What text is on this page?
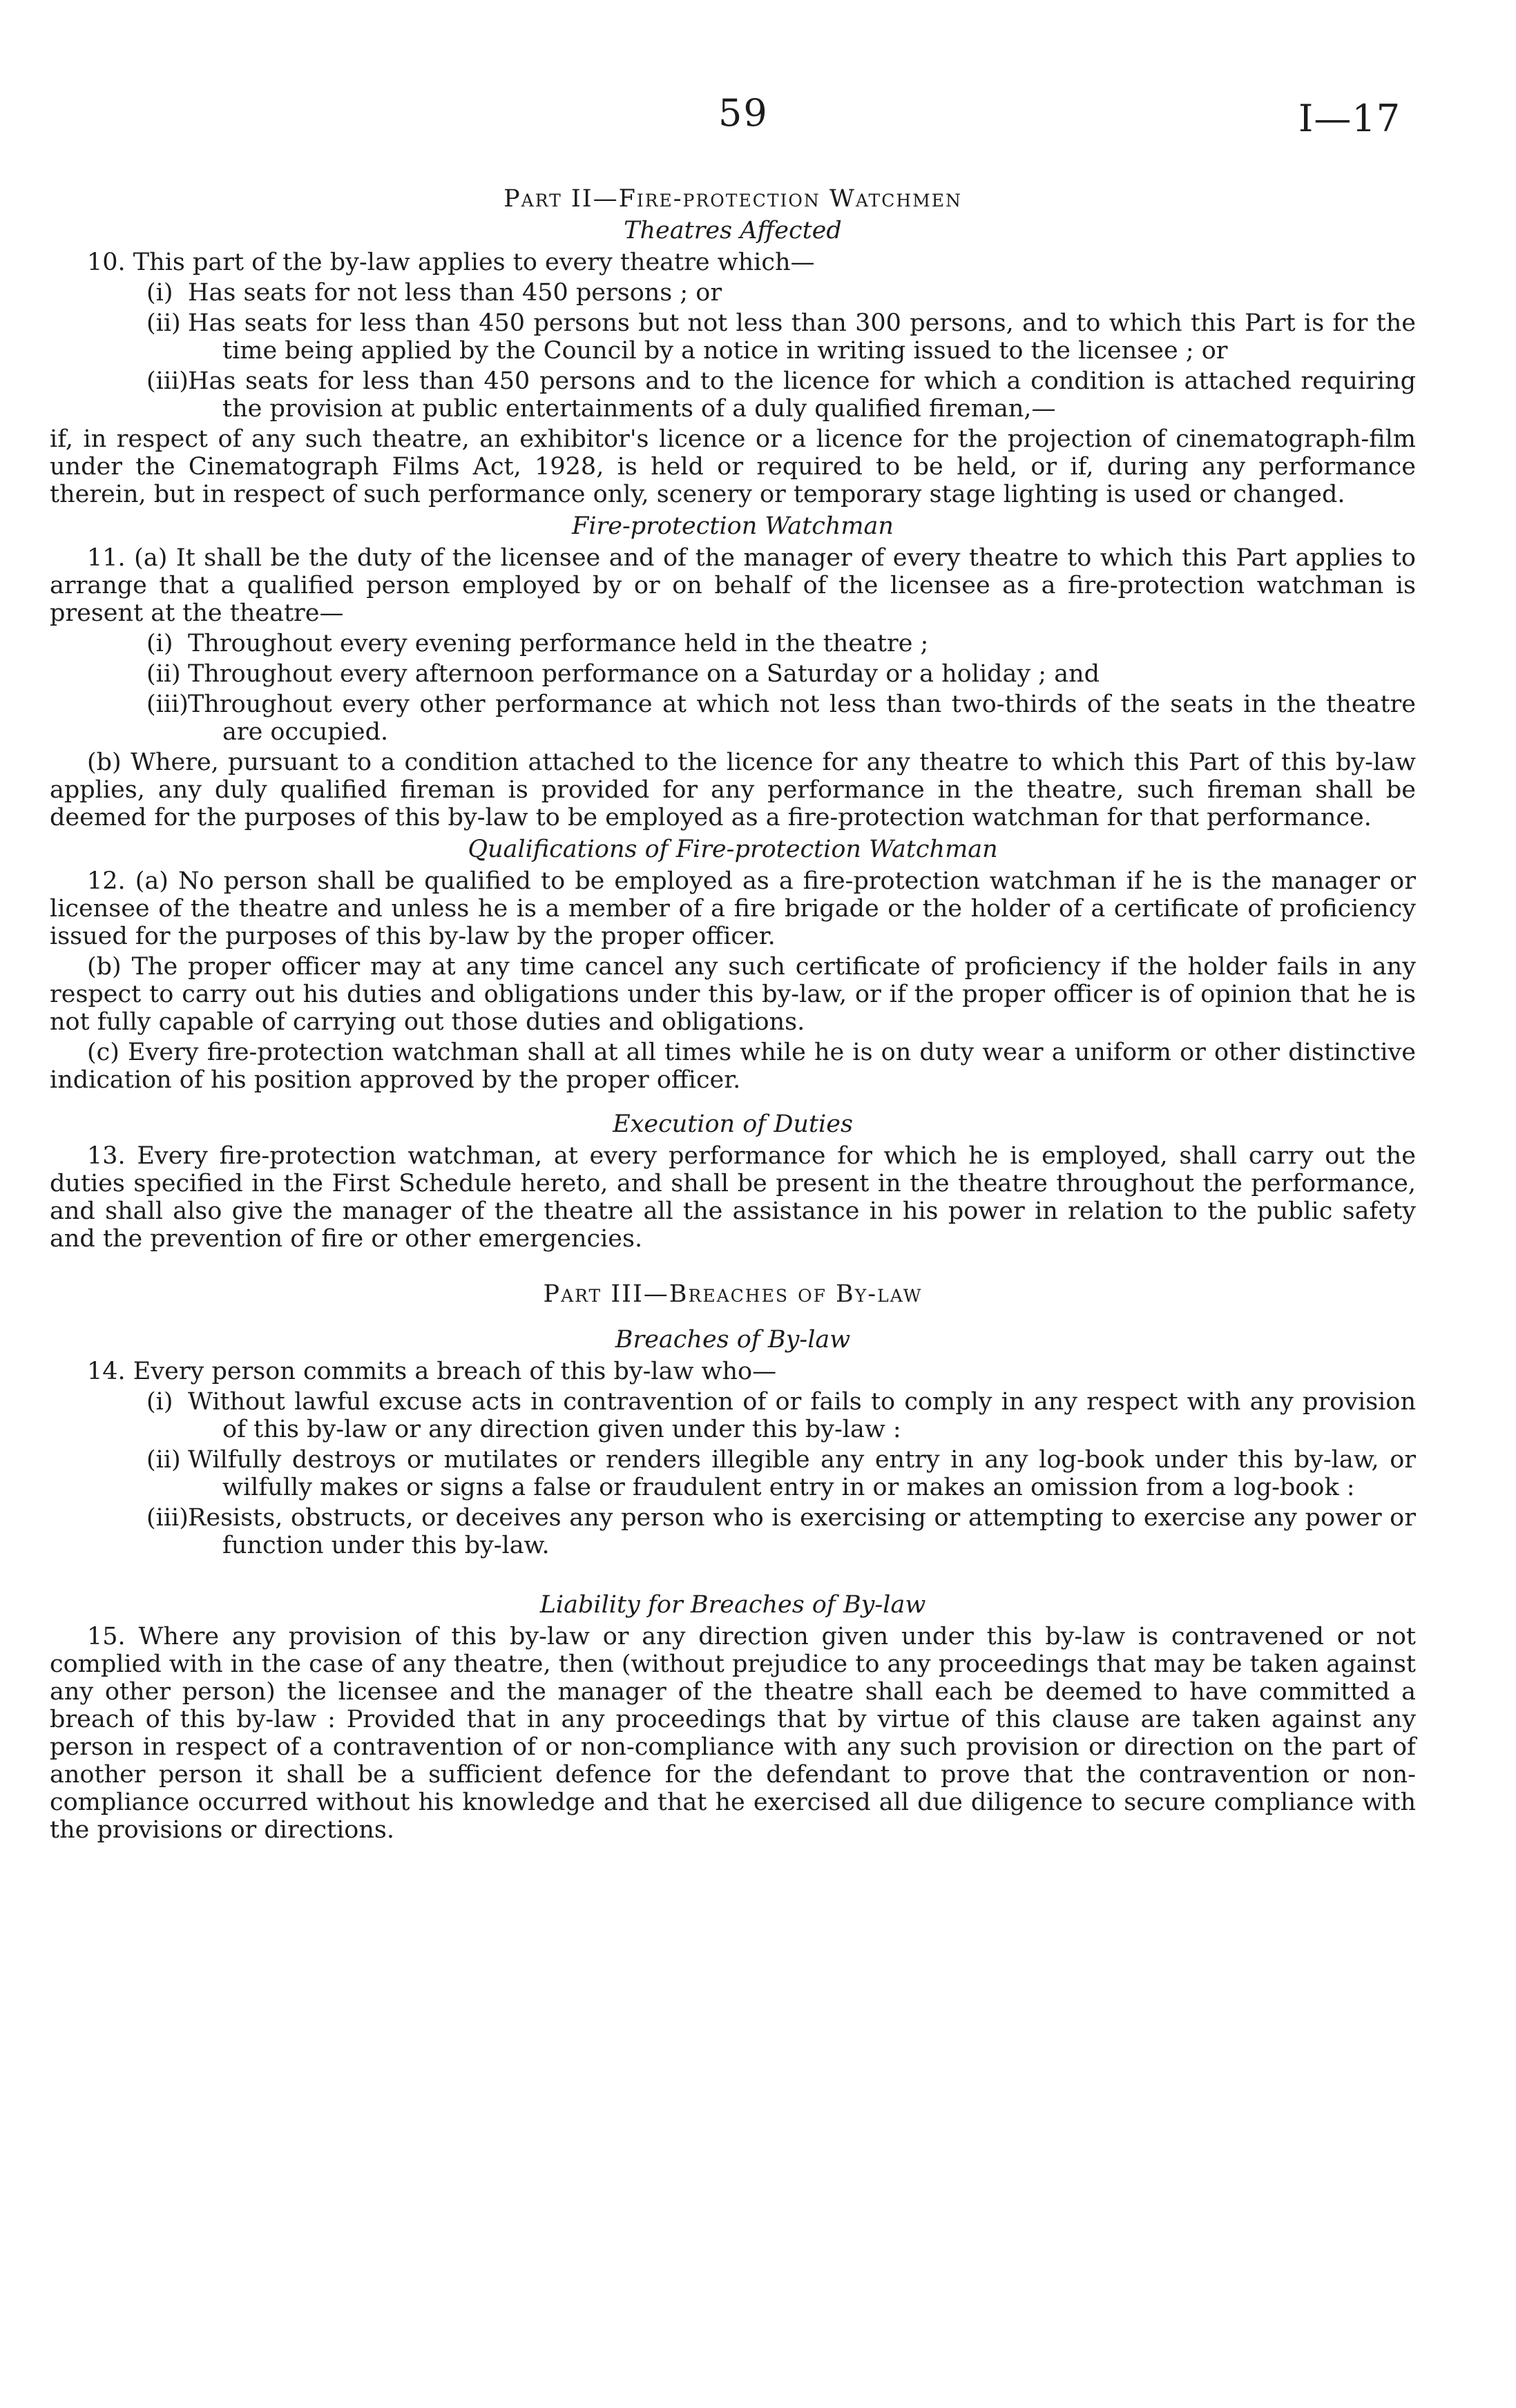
59	I—17
Part II—Fire-protection Watchmen
Theatres Affected
10. This part of the by-law applies to every theatre which—
(i) Has seats for not less than 450 persons ; or
(ii) Has seats for less than 450 persons but not less than 300 persons, and to which this Part is for the time being applied by the Council by a notice in writing issued to the licensee ; or
(iii)Has seats for less than 450 persons and to the licence for which a condition is attached requiring the provision at public entertainments of a duly qualified fireman,—
if, in respect of any such theatre, an exhibitor's licence or a licence for the projection of cinematograph-film under the Cinematograph Films Act, 1928, is held or required to be held, or if, during any performance therein, but in respect of such performance only, scenery or temporary stage lighting is used or changed.
Fire-protection Watchman
11. (a) It shall be the duty of the licensee and of the manager of every theatre to which this Part applies to arrange that a qualified person employed by or on behalf of the licensee as a fire-protection watchman is present at the theatre—
(i) Throughout every evening performance held in the theatre ;
(ii) Throughout every afternoon performance on a Saturday or a holiday ; and
(iii)Throughout every other performance at which not less than two-thirds of the seats in the theatre are occupied.
(b) Where, pursuant to a condition attached to the licence for any theatre to which this Part of this by-law applies, any duly qualified fireman is provided for any performance in the theatre, such fireman shall be deemed for the purposes of this by-law to be employed as a fire-protection watchman for that performance.
Qualifications of Fire-protection Watchman
12. (a) No person shall be qualified to be employed as a fire-protection watchman if he is the manager or licensee of the theatre and unless he is a member of a fire brigade or the holder of a certificate of proficiency issued for the purposes of this by-law by the proper officer.
(b) The proper officer may at any time cancel any such certificate of proficiency if the holder fails in any respect to carry out his duties and obligations under this by-law, or if the proper officer is of opinion that he is not fully capable of carrying out those duties and obligations.
(c) Every fire-protection watchman shall at all times while he is on duty wear a uniform or other distinctive indication of his position approved by the proper officer.
Execution of Duties
13. Every fire-protection watchman, at every performance for which he is employed, shall carry out the duties specified in the First Schedule hereto, and shall be present in the theatre throughout the performance, and shall also give the manager of the theatre all the assistance in his power in relation to the public safety and the prevention of fire or other emergencies.
Part III—Breaches of By-law
Breaches of By-law
14. Every person commits a breach of this by-law who—
(i) Without lawful excuse acts in contravention of or fails to comply in any respect with any provision of this by-law or any direction given under this by-law :
(ii) Wilfully destroys or mutilates or renders illegible any entry in any log-book under this by-law, or wilfully makes or signs a false or fraudulent entry in or makes an omission from a log-book :
(iii)Resists, obstructs, or deceives any person who is exercising or attempting to exercise any power or function under this by-law.
Liability for Breaches of By-law
15. Where any provision of this by-law or any direction given under this by-law is contravened or not complied with in the case of any theatre, then (without prejudice to any proceedings that may be taken against any other person) the licensee and the manager of the theatre shall each be deemed to have committed a breach of this by-law : Provided that in any proceedings that by virtue of this clause are taken against any person in respect of a contravention of or non-compliance with any such provision or direction on the part of another person it shall be a sufficient defence for the defendant to prove that the contravention or non-compliance occurred without his knowledge and that he exercised all due diligence to secure compliance with the provisions or directions.
